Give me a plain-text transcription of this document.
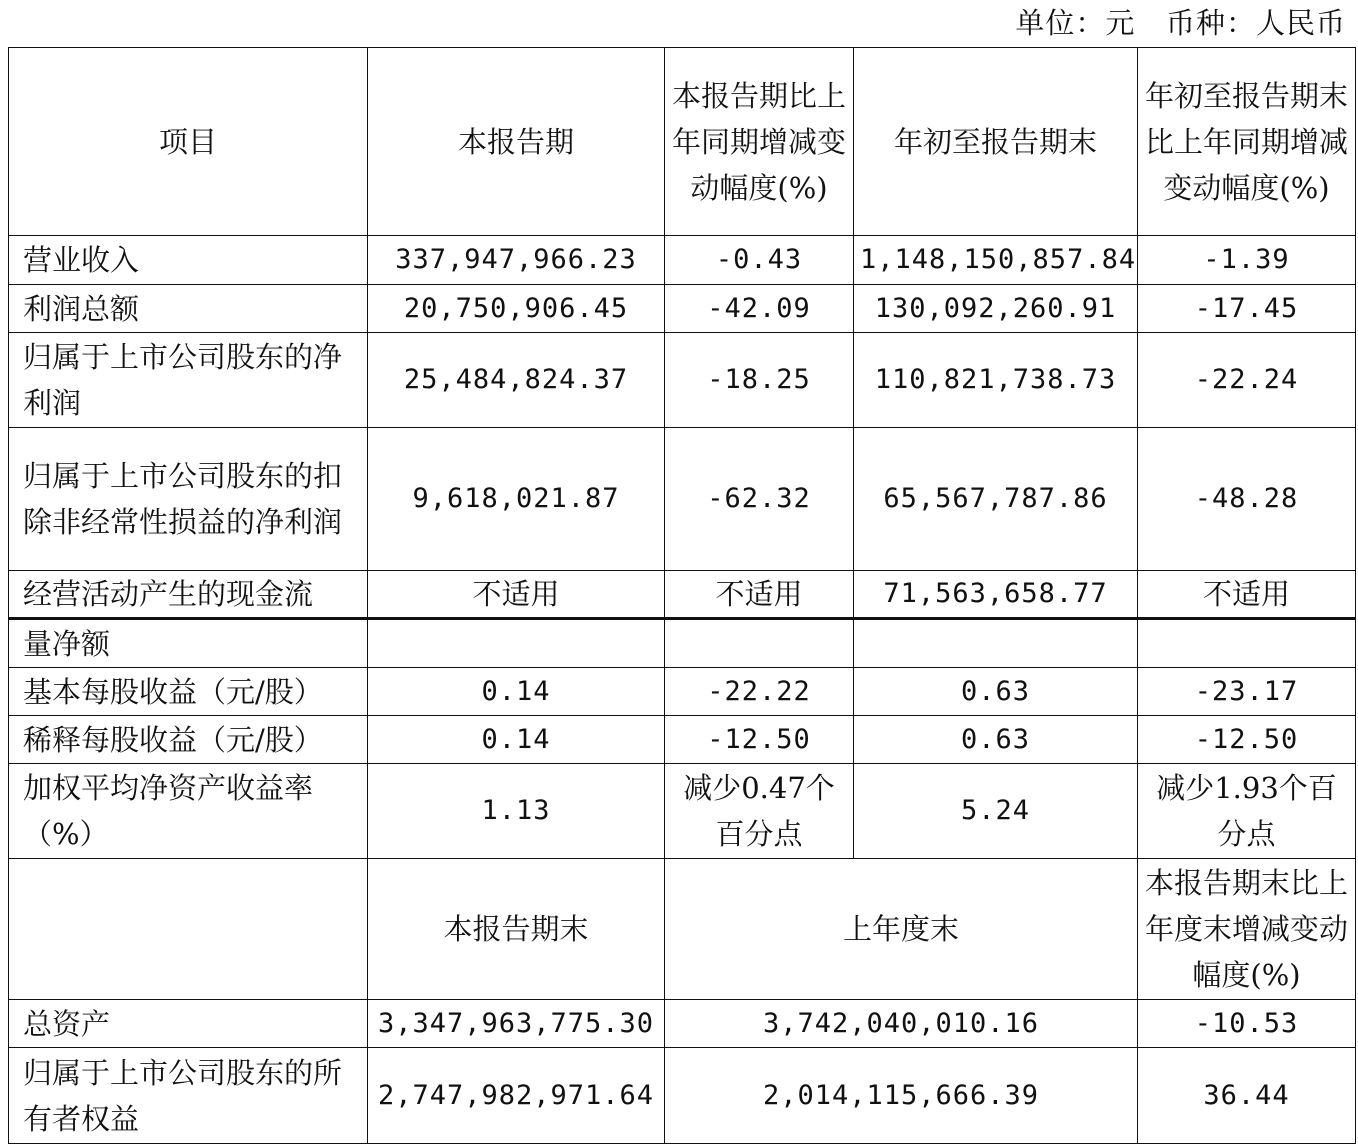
单位：元   币种：人民币
项目	本报告期	本报告期比上年同期增减变动幅度(%)	年初至报告期末	年初至报告期末比上年同期增减变动幅度(%)
营业收入	337,947,966.23	-0.43	1,148,150,857.84	-1.39
利润总额	20,750,906.45	-42.09	130,092,260.91	-17.45
归属于上市公司股东的净利润	25,484,824.37	-18.25	110,821,738.73	-22.24
归属于上市公司股东的扣除非经常性损益的净利润	9,618,021.87	-62.32	65,567,787.86	-48.28
经营活动产生的现金流	不适用	不适用	71,563,658.77	不适用
量净额				
基本每股收益（元/股）	0.14	-22.22	0.63	-23.17
稀释每股收益（元/股）	0.14	-12.50	0.63	-12.50
加权平均净资产收益率（%）	1.13	减少0.47个百分点	5.24	减少1.93个百分点
	本报告期末	上年度末		本报告期末比上年度末增减变动幅度(%)
总资产	3,347,963,775.30	3,742,040,010.16		-10.53
归属于上市公司股东的所有者权益	2,747,982,971.64	2,014,115,666.39		36.44
